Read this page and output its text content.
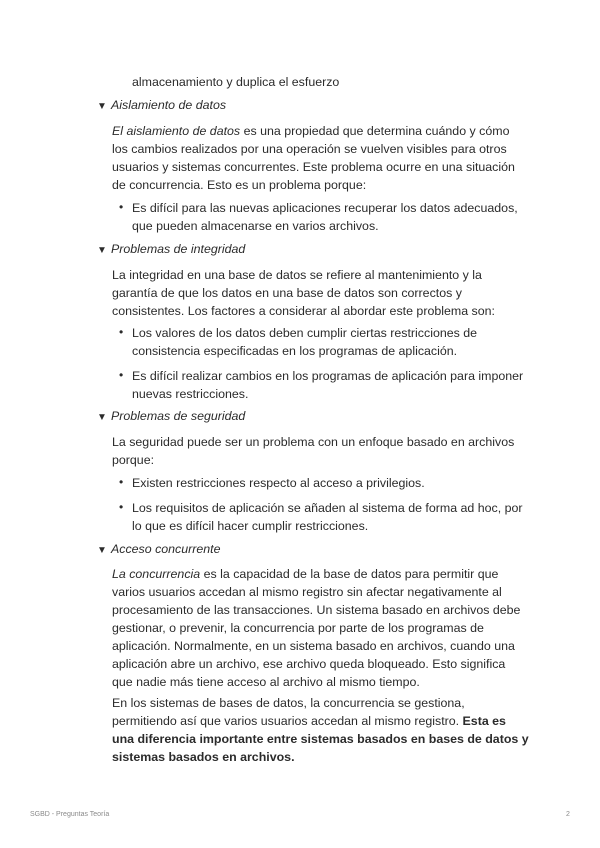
almacenamiento y duplica el esfuerzo
▼ Aislamiento de datos
El aislamiento de datos es una propiedad que determina cuándo y cómo
los cambios realizados por una operación se vuelven visibles para otros
usuarios y sistemas concurrentes. Este problema ocurre en una situación
de concurrencia. Esto es un problema porque:
• Es difícil para las nuevas aplicaciones recuperar los datos adecuados,
que pueden almacenarse en varios archivos.
▼ Problemas de integridad
La integridad en una base de datos se refiere al mantenimiento y la
garantía de que los datos en una base de datos son correctos y
consistentes. Los factores a considerar al abordar este problema son:
• Los valores de los datos deben cumplir ciertas restricciones de
consistencia especificadas en los programas de aplicación.
• Es difícil realizar cambios en los programas de aplicación para imponer
nuevas restricciones.
▼ Problemas de seguridad
La seguridad puede ser un problema con un enfoque basado en archivos
porque:
• Existen restricciones respecto al acceso a privilegios.
• Los requisitos de aplicación se añaden al sistema de forma ad hoc, por
lo que es difícil hacer cumplir restricciones.
▼ Acceso concurrente
La concurrencia es la capacidad de la base de datos para permitir que
varios usuarios accedan al mismo registro sin afectar negativamente al
procesamiento de las transacciones. Un sistema basado en archivos debe
gestionar, o prevenir, la concurrencia por parte de los programas de
aplicación. Normalmente, en un sistema basado en archivos, cuando una
aplicación abre un archivo, ese archivo queda bloqueado. Esto significa
que nadie más tiene acceso al archivo al mismo tiempo.
En los sistemas de bases de datos, la concurrencia se gestiona,
permitiendo así que varios usuarios accedan al mismo registro. Esta es
una diferencia importante entre sistemas basados en bases de datos y
sistemas basados en archivos.
SGBD - Preguntas Teoría	2
